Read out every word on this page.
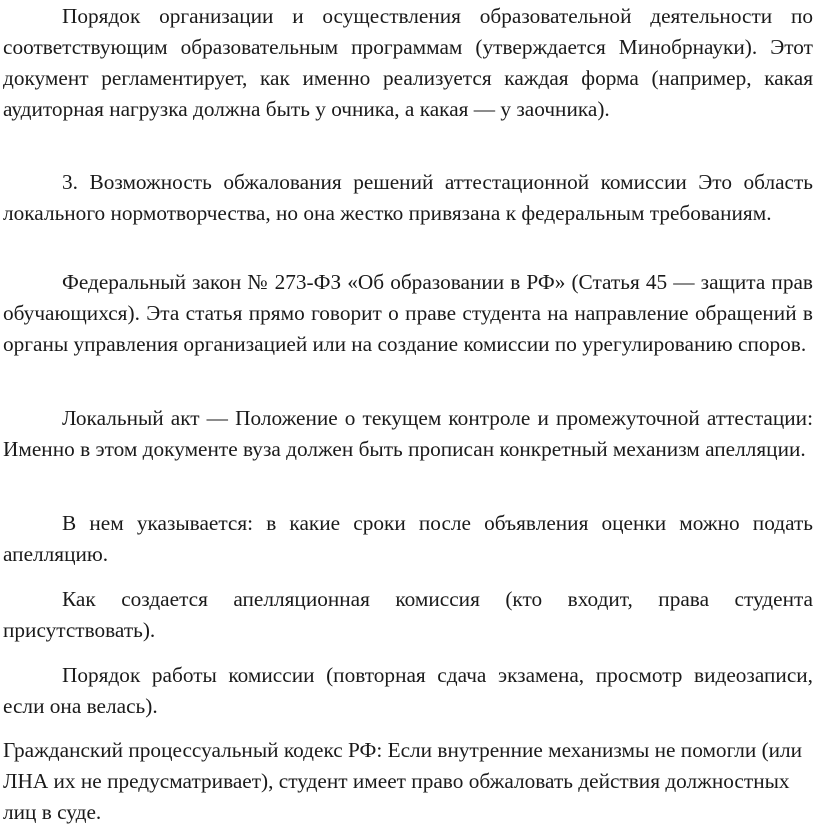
Порядок организации и осуществления образовательной деятельности по соответствующим образовательным программам (утверждается Минобрнауки). Этот документ регламентирует, как именно реализуется каждая форма (например, какая аудиторная нагрузка должна быть у очника, а какая — у заочника).

3. Возможность обжалования решений аттестационной комиссии Это область локального нормотворчества, но она жестко привязана к федеральным требованиям.

Федеральный закон № 273-ФЗ «Об образовании в РФ» (Статья 45 — защита прав обучающихся). Эта статья прямо говорит о праве студента на направление обращений в органы управления организацией или на создание комиссии по урегулированию споров.

Локальный акт — Положение о текущем контроле и промежуточной аттестации: Именно в этом документе вуза должен быть прописан конкретный механизм апелляции.

В нем указывается: в какие сроки после объявления оценки можно подать апелляцию.

Как создается апелляционная комиссия (кто входит, права студента присутствовать).

Порядок работы комиссии (повторная сдача экзамена, просмотр видеозаписи, если она велась).

Гражданский процессуальный кодекс РФ: Если внутренние механизмы не помогли (или ЛНА их не предусматривает), студент имеет право обжаловать действия должностных лиц в суде.
